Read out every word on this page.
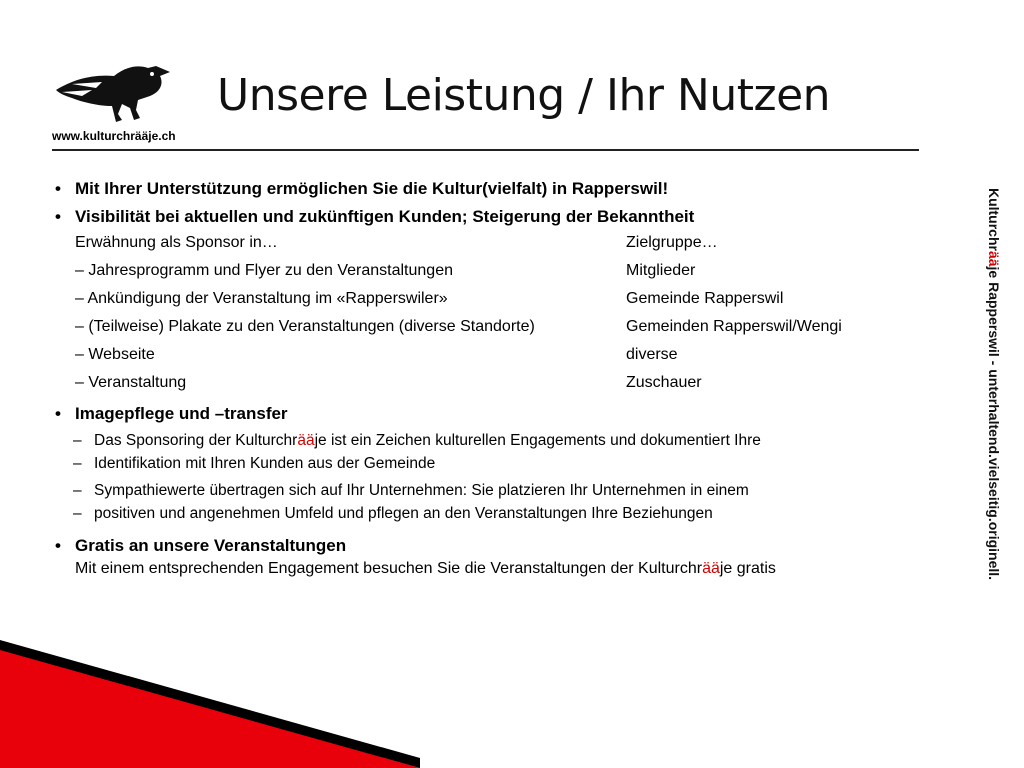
www.kulturchrääje.ch
Unsere Leistung / Ihr Nutzen
• Mit Ihrer Unterstützung ermöglichen Sie die Kultur(vielfalt) in Rapperswil!
• Visibilität bei aktuellen und zukünftigen Kunden; Steigerung der Bekanntheit
Erwähnung als Sponsor in…	Zielgruppe…
– Jahresprogramm und Flyer zu den Veranstaltungen	Mitglieder
– Ankündigung der Veranstaltung im «Rapperswiler»	Gemeinde Rapperswil
– (Teilweise) Plakate zu den Veranstaltungen (diverse Standorte)	Gemeinden Rapperswil/Wengi
– Webseite	diverse
– Veranstaltung	Zuschauer
• Imagepflege und –transfer
– Das Sponsoring der Kulturchrääje ist ein Zeichen kulturellen Engagements und dokumentiert Ihre
– Identifikation mit Ihren Kunden aus der Gemeinde
– Sympathiewerte übertragen sich auf Ihr Unternehmen: Sie platzieren Ihr Unternehmen in einem
– positiven und angenehmen Umfeld und pflegen an den Veranstaltungen Ihre Beziehungen
• Gratis an unsere Veranstaltungen
Mit einem entsprechenden Engagement besuchen Sie die Veranstaltungen der Kulturchrääje gratis
Kulturchrääje Rapperswil - unterhaltend.vielseitig.originell.
